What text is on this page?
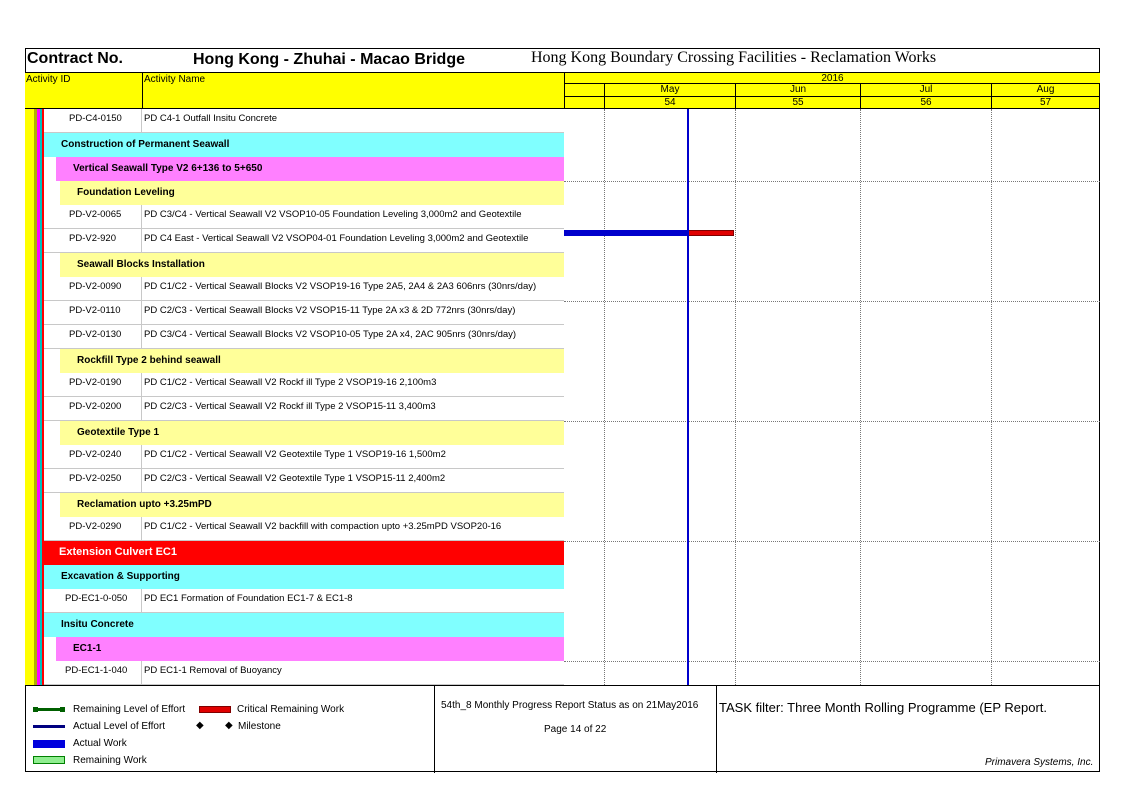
Contract No.	Hong Kong - Zhuhai - Macao Bridge	Hong Kong Boundary Crossing Facilities - Reclamation Works
Activity ID	Activity Name	2016
May	Jun	Jul	Aug
54	55	56	57
PD-C4-0150 PD C4-1 Outfall Insitu Concrete
Construction of Permanent Seawall
Vertical Seawall Type V2 6+136 to 5+650
Foundation Leveling
PD-V2-0065 PD C3/C4 - Vertical Seawall V2 VSOP10-05 Foundation Leveling 3,000m2 and Geotextile
PD-V2-920	PD C4 East - Vertical Seawall V2 VSOP04-01 Foundation Leveling 3,000m2 and Geotextile
Seawall Blocks Installation
PD-V2-0090 PD C1/C2 - Vertical Seawall Blocks V2 VSOP19-16 Type 2A5, 2A4 & 2A3 606nrs (30nrs/day)
PD-V2-0110 PD C2/C3 - Vertical Seawall Blocks V2 VSOP15-11 Type 2A x3 & 2D 772nrs (30nrs/day)
PD-V2-0130 PD C3/C4 - Vertical Seawall Blocks V2 VSOP10-05 Type 2A x4, 2AC 905nrs (30nrs/day)
Rockfill Type 2 behind seawall
PD-V2-0190 PD C1/C2 - Vertical Seawall V2 Rockf ill Type 2 VSOP19-16 2,100m3
PD-V2-0200 PD C2/C3 - Vertical Seawall V2 Rockf ill Type 2 VSOP15-11 3,400m3
Geotextile Type 1
PD-V2-0240 PD C1/C2 - Vertical Seawall V2 Geotextile Type 1 VSOP19-16 1,500m2
PD-V2-0250 PD C2/C3 - Vertical Seawall V2 Geotextile Type 1 VSOP15-11 2,400m2
Reclamation upto +3.25mPD
PD-V2-0290 PD C1/C2 - Vertical Seawall V2 backfill with compaction upto +3.25mPD VSOP20-16
Extension Culvert EC1
Excavation & Supporting
PD-EC1-0-050 PD EC1 Formation of Foundation EC1-7 & EC1-8
Insitu Concrete
EC1-1
PD-EC1-1-040 PD EC1-1 Removal of Buoyancy
Remaining Level of Effort	Critical Remaining Work
Actual Level of Effort	◆ ◆ Milestone
Actual Work
Remaining Work
54th_8 Monthly Progress Report Status as on 21May2016
Page 14 of 22
TASK filter: Three Month Rolling Programme (EP Report.
Primavera Systems, Inc.
